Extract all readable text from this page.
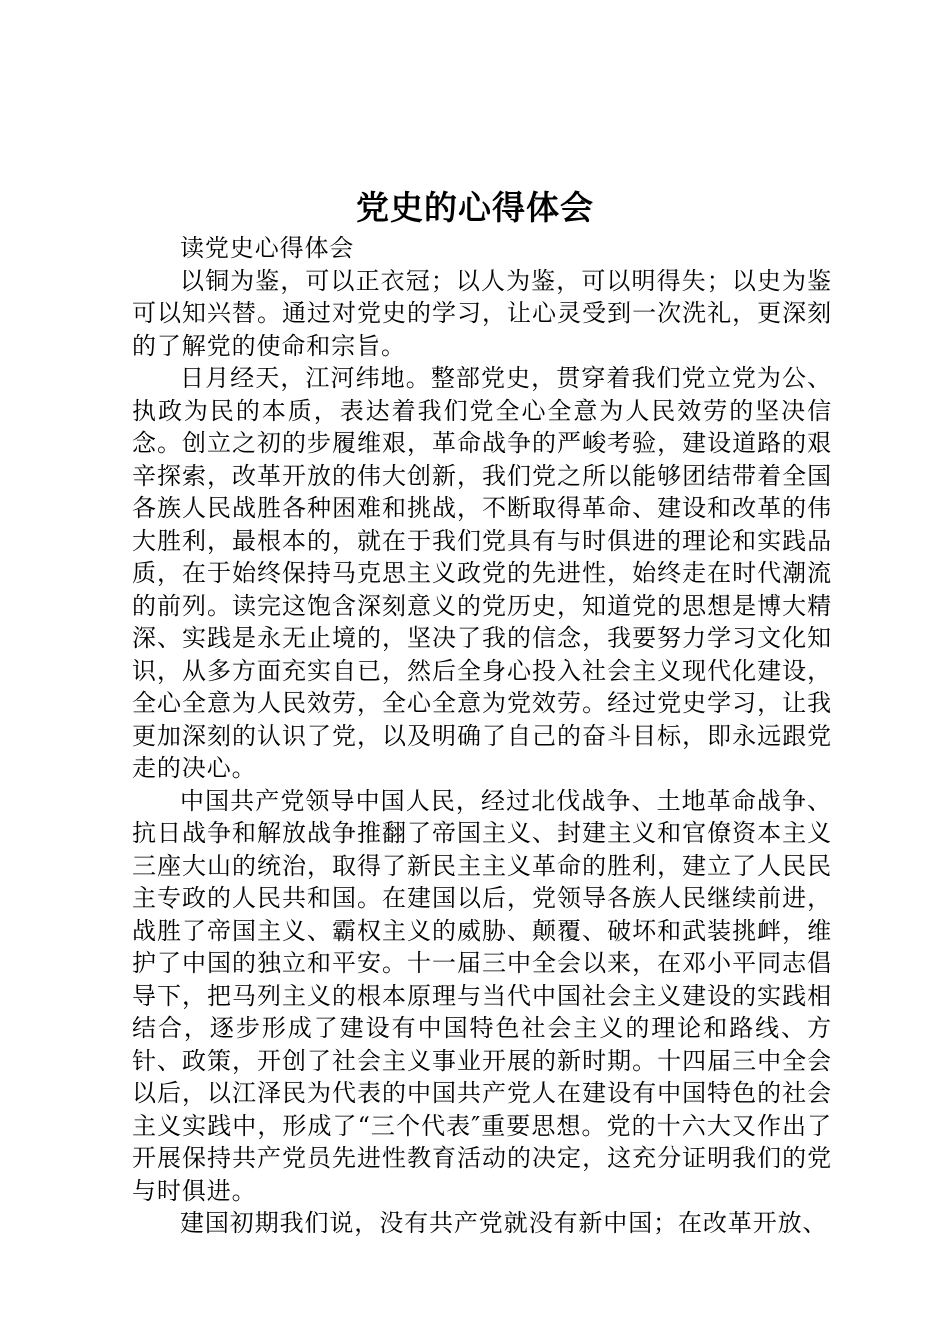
党史的心得体会

读党史心得体会

以铜为鉴，可以正衣冠；以人为鉴，可以明得失；以史为鉴可以知兴替。通过对党史的学习，让心灵受到一次洗礼，更深刻的了解党的使命和宗旨。

日月经天，江河纬地。整部党史，贯穿着我们党立党为公、执政为民的本质，表达着我们党全心全意为人民效劳的坚决信念。创立之初的步履维艰，革命战争的严峻考验，建设道路的艰辛探索，改革开放的伟大创新，我们党之所以能够团结带着全国各族人民战胜各种困难和挑战，不断取得革命、建设和改革的伟大胜利，最根本的，就在于我们党具有与时俱进的理论和实践品质，在于始终保持马克思主义政党的先进性，始终走在时代潮流的前列。读完这饱含深刻意义的党历史，知道党的思想是博大精深、实践是永无止境的，坚决了我的信念，我要努力学习文化知识，从多方面充实自已，然后全身心投入社会主义现代化建设，全心全意为人民效劳，全心全意为党效劳。经过党史学习，让我更加深刻的认识了党，以及明确了自己的奋斗目标，即永远跟党走的决心。

中国共产党领导中国人民，经过北伐战争、土地革命战争、抗日战争和解放战争推翻了帝国主义、封建主义和官僚资本主义三座大山的统治，取得了新民主主义革命的胜利，建立了人民民主专政的人民共和国。在建国以后，党领导各族人民继续前进，战胜了帝国主义、霸权主义的威胁、颠覆、破坏和武装挑衅，维护了中国的独立和平安。十一届三中全会以来，在邓小平同志倡导下，把马列主义的根本原理与当代中国社会主义建设的实践相结合，逐步形成了建设有中国特色社会主义的理论和路线、方针、政策，开创了社会主义事业开展的新时期。十四届三中全会以后，以江泽民为代表的中国共产党人在建设有中国特色的社会主义实践中，形成了“三个代表″重要思想。党的十六大又作出了开展保持共产党员先进性教育活动的决定，这充分证明我们的党与时俱进。

建国初期我们说，没有共产党就没有新中国；在改革开放、
